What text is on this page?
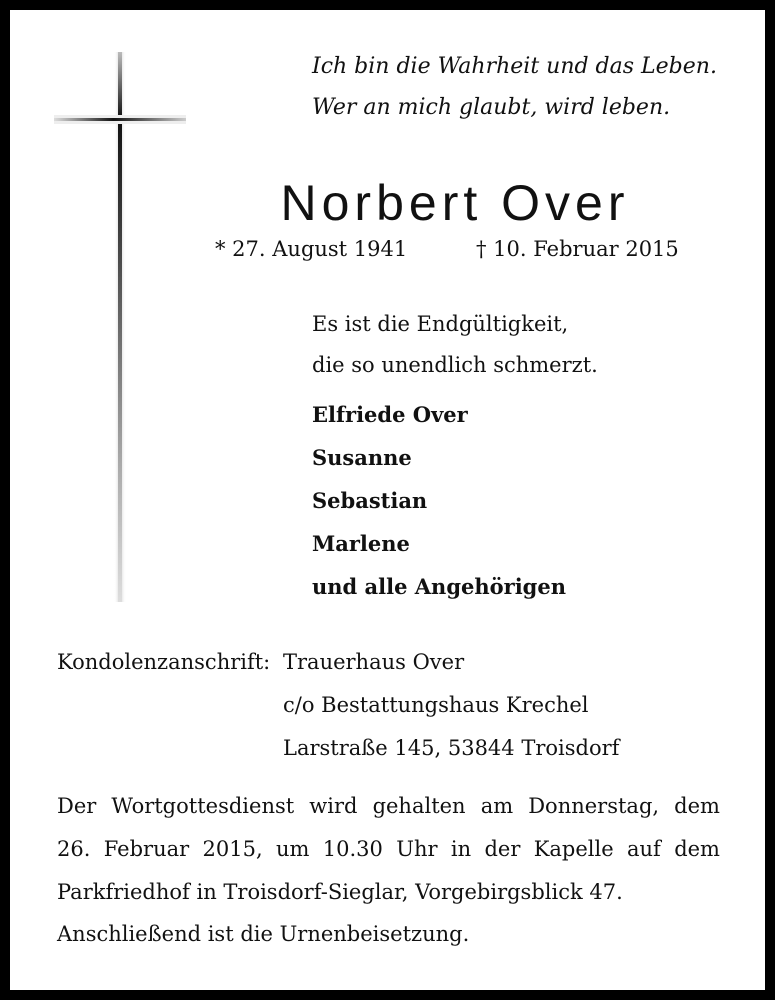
Ich bin die Wahrheit und das Leben.
Wer an mich glaubt, wird leben.
Norbert Over
* 27. August 1941	† 10. Februar 2015
Es ist die Endgültigkeit,
die so unendlich schmerzt.
Elfriede Over
Susanne
Sebastian
Marlene
und alle Angehörigen
Kondolenzanschrift: Trauerhaus Over
c/o Bestattungshaus Krechel
Larstraße 145, 53844 Troisdorf
Der Wortgottesdienst wird gehalten am Donnerstag, dem
26. Februar 2015, um 10.30 Uhr in der Kapelle auf dem
Parkfriedhof in Troisdorf-Sieglar, Vorgebirgsblick 47.
Anschließend ist die Urnenbeisetzung.
